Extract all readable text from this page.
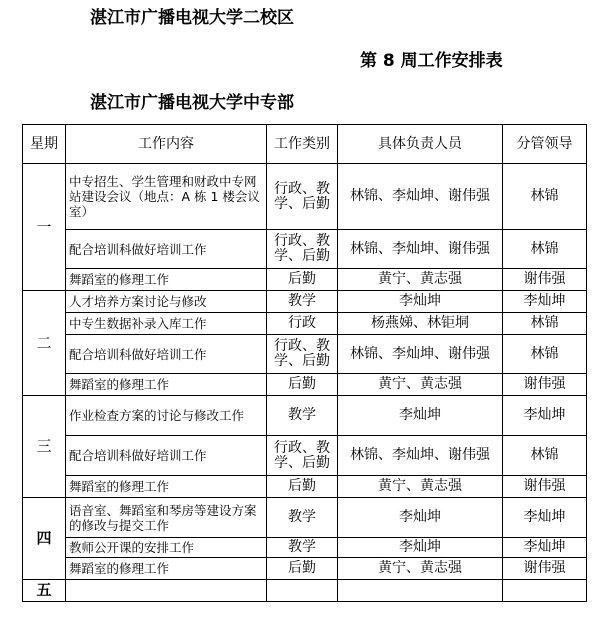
湛江市广播电视大学二校区
第 8 周工作安排表
湛江市广播电视大学中专部
星期	工作内容	工作类别	具体负责人员	分管领导
一	中专招生、学生管理和财政中专网站建设会议（地点：A 栋 1 楼会议室）	行政、教学、后勤	林锦、李灿坤、谢伟强	林锦
	配合培训科做好培训工作	行政、教学、后勤	林锦、李灿坤、谢伟强	林锦
	舞蹈室的修理工作	后勤	黄宁、黄志强	谢伟强
二	人才培养方案讨论与修改	教学	李灿坤	李灿坤
	中专生数据补录入库工作	行政	杨燕娣、林钜垌	林锦
	配合培训科做好培训工作	行政、教学、后勤	林锦、李灿坤、谢伟强	林锦
	舞蹈室的修理工作	后勤	黄宁、黄志强	谢伟强
三	作业检查方案的讨论与修改工作	教学	李灿坤	李灿坤
	配合培训科做好培训工作	行政、教学、后勤	林锦、李灿坤、谢伟强	林锦
	舞蹈室的修理工作	后勤	黄宁、黄志强	谢伟强
四	语音室、舞蹈室和琴房等建设方案的修改与提交工作	教学	李灿坤	李灿坤
	教师公开课的安排工作	教学	李灿坤	李灿坤
	舞蹈室的修理工作	后勤	黄宁、黄志强	谢伟强
五				
